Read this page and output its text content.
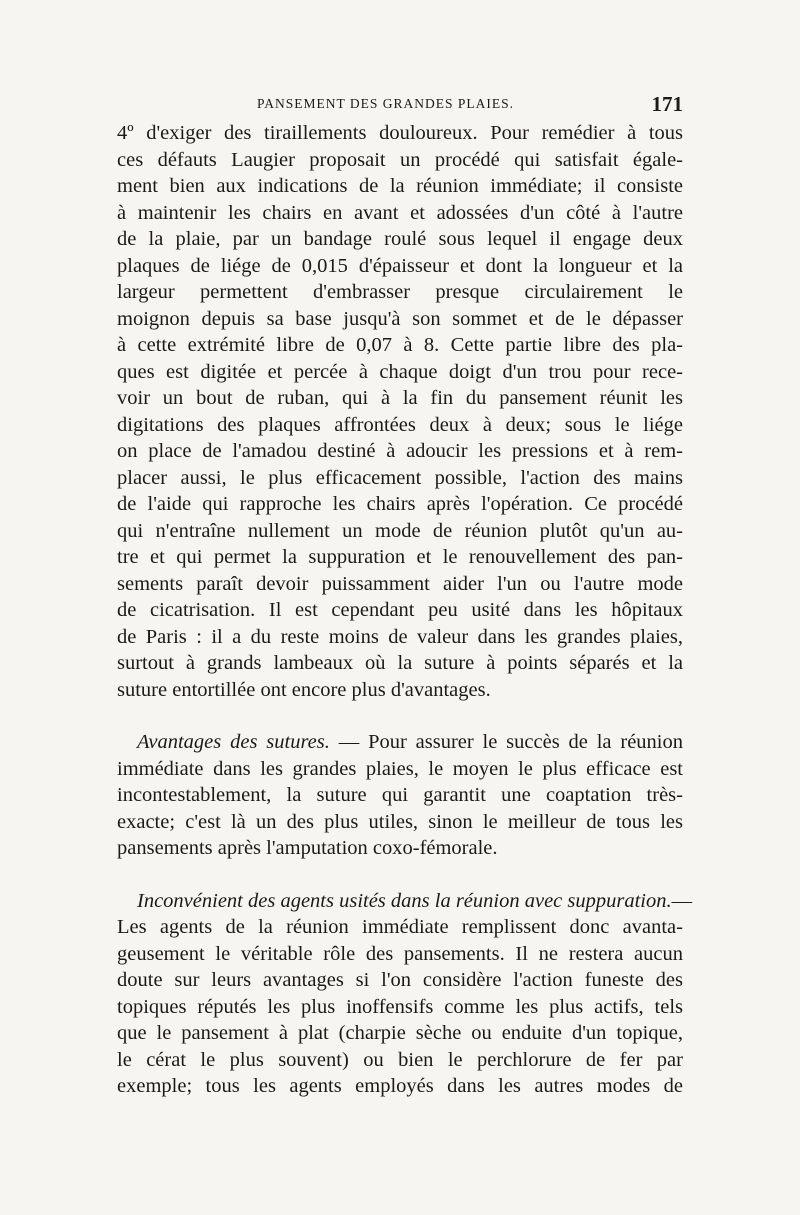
PANSEMENT DES GRANDES PLAIES.	171
4º d'exiger des tiraillements douloureux. Pour remédier à tous
ces défauts Laugier proposait un procédé qui satisfait égale-
ment bien aux indications de la réunion immédiate; il consiste
à maintenir les chairs en avant et adossées d'un côté à l'autre
de la plaie, par un bandage roulé sous lequel il engage deux
plaques de liége de 0,015 d'épaisseur et dont la longueur et la
largeur permettent d'embrasser presque circulairement le
moignon depuis sa base jusqu'à son sommet et de le dépasser
à cette extrémité libre de 0,07 à 8. Cette partie libre des pla-
ques est digitée et percée à chaque doigt d'un trou pour rece-
voir un bout de ruban, qui à la fin du pansement réunit les
digitations des plaques affrontées deux à deux; sous le liége
on place de l'amadou destiné à adoucir les pressions et à rem-
placer aussi, le plus efficacement possible, l'action des mains
de l'aide qui rapproche les chairs après l'opération. Ce procédé
qui n'entraîne nullement un mode de réunion plutôt qu'un au-
tre et qui permet la suppuration et le renouvellement des pan-
sements paraît devoir puissamment aider l'un ou l'autre mode
de cicatrisation. Il est cependant peu usité dans les hôpitaux
de Paris : il a du reste moins de valeur dans les grandes plaies,
surtout à grands lambeaux où la suture à points séparés et la
suture entortillée ont encore plus d'avantages.
Avantages des sutures. — Pour assurer le succès de la réunion
immédiate dans les grandes plaies, le moyen le plus efficace est
incontestablement, la suture qui garantit une coaptation très-
exacte; c'est là un des plus utiles, sinon le meilleur de tous les
pansements après l'amputation coxo-fémorale.
Inconvénient des agents usités dans la réunion avec suppuration.—
Les agents de la réunion immédiate remplissent donc avanta-
geusement le véritable rôle des pansements. Il ne restera aucun
doute sur leurs avantages si l'on considère l'action funeste des
topiques réputés les plus inoffensifs comme les plus actifs, tels
que le pansement à plat (charpie sèche ou enduite d'un topique,
le cérat le plus souvent) ou bien le perchlorure de fer par
exemple; tous les agents employés dans les autres modes de
